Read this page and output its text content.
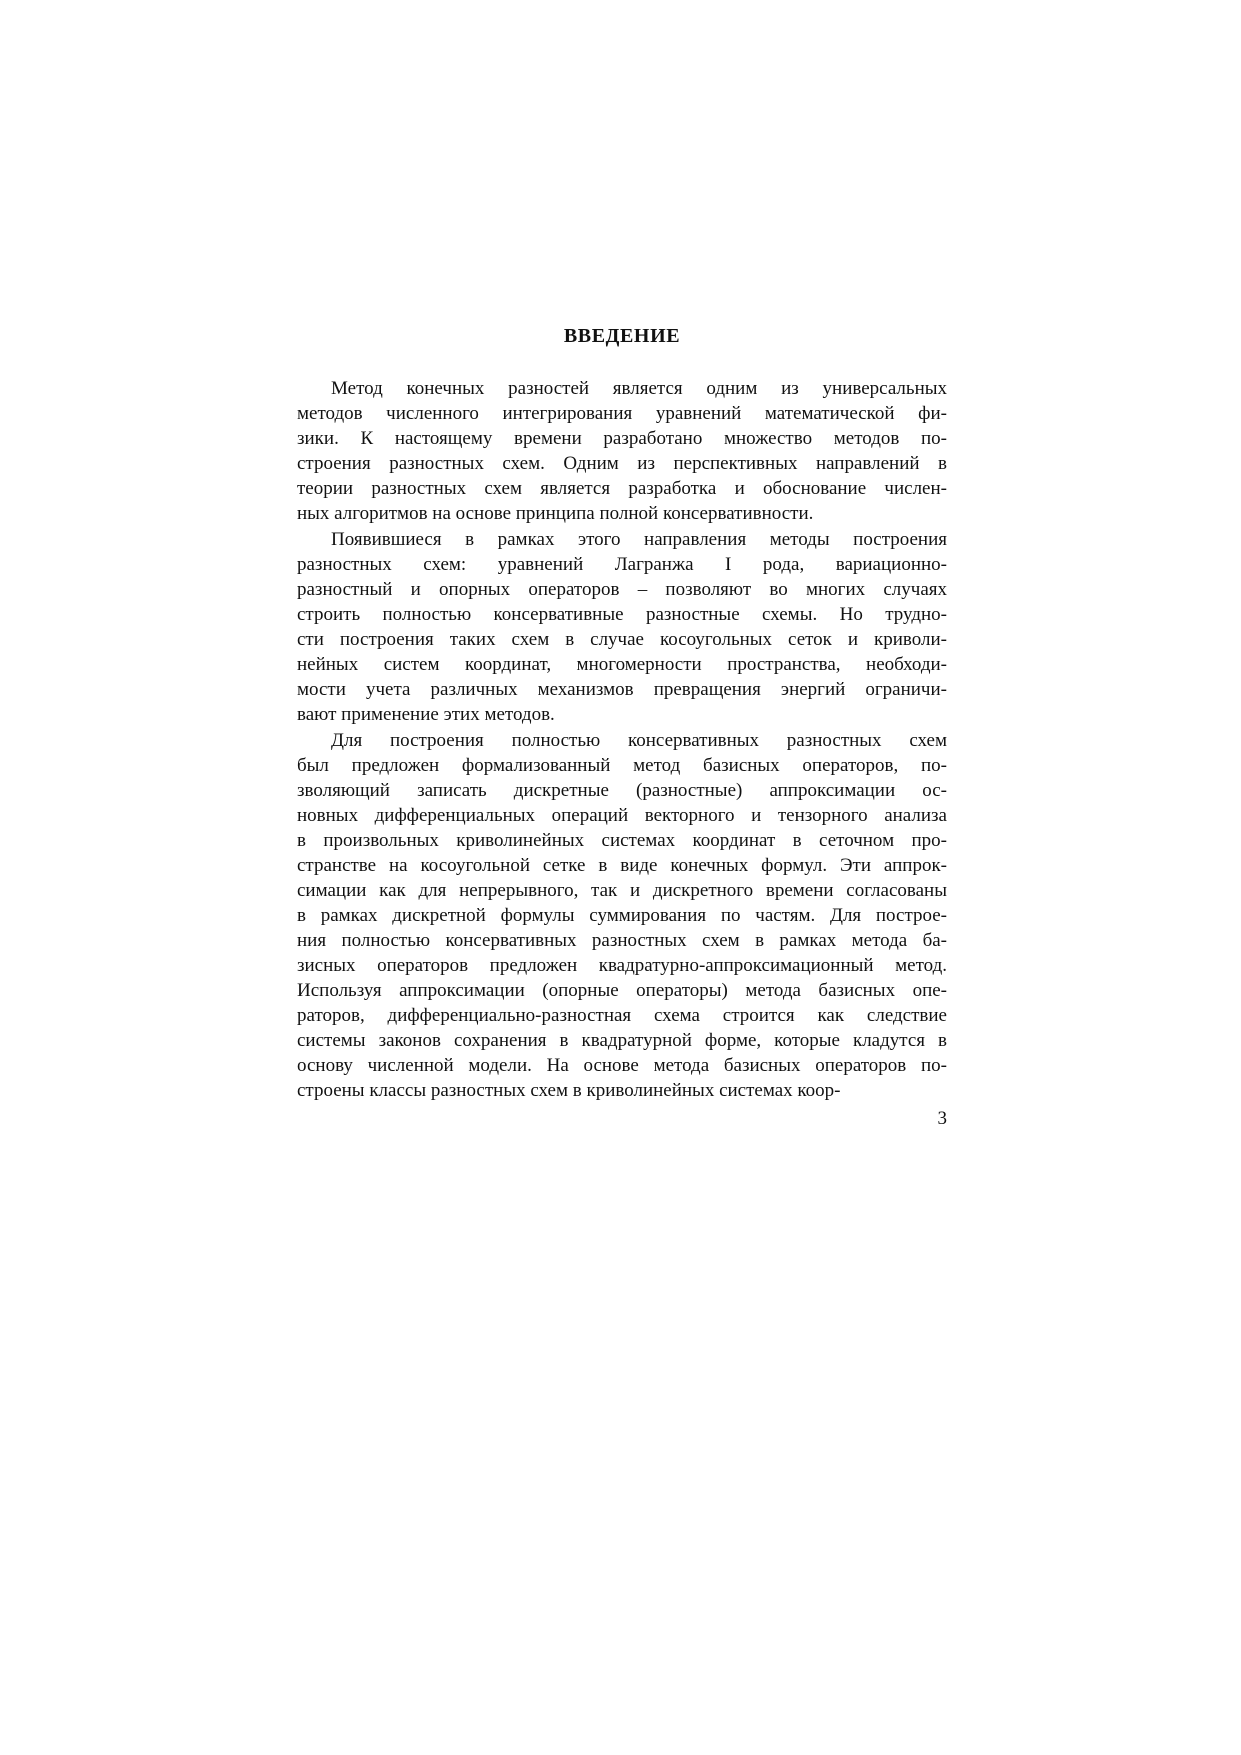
ВВЕДЕНИЕ
Метод конечных разностей является одним из универсальных
методов численного интегрирования уравнений математической фи-
зики. К настоящему времени разработано множество методов по-
строения разностных схем. Одним из перспективных направлений в
теории разностных схем является разработка и обоснование числен-
ных алгоритмов на основе принципа полной консервативности.
Появившиеся в рамках этого направления методы построения
разностных схем: уравнений Лагранжа I рода, вариационно-
разностный и опорных операторов – позволяют во многих случаях
строить полностью консервативные разностные схемы. Но трудно-
сти построения таких схем в случае косоугольных сеток и криволи-
нейных систем координат, многомерности пространства, необходи-
мости учета различных механизмов превращения энергий ограничи-
вают применение этих методов.
Для построения полностью консервативных разностных схем
был предложен формализованный метод базисных операторов, по-
зволяющий записать дискретные (разностные) аппроксимации ос-
новных дифференциальных операций векторного и тензорного анализа
в произвольных криволинейных системах координат в сеточном про-
странстве на косоугольной сетке в виде конечных формул. Эти аппрок-
симации как для непрерывного, так и дискретного времени согласованы
в рамках дискретной формулы суммирования по частям. Для построе-
ния полностью консервативных разностных схем в рамках метода ба-
зисных операторов предложен квадратурно-аппроксимационный метод.
Используя аппроксимации (опорные операторы) метода базисных опе-
раторов, дифференциально-разностная схема строится как следствие
системы законов сохранения в квадратурной форме, которые кладутся в
основу численной модели. На основе метода базисных операторов по-
строены классы разностных схем в криволинейных системах коор-
3
